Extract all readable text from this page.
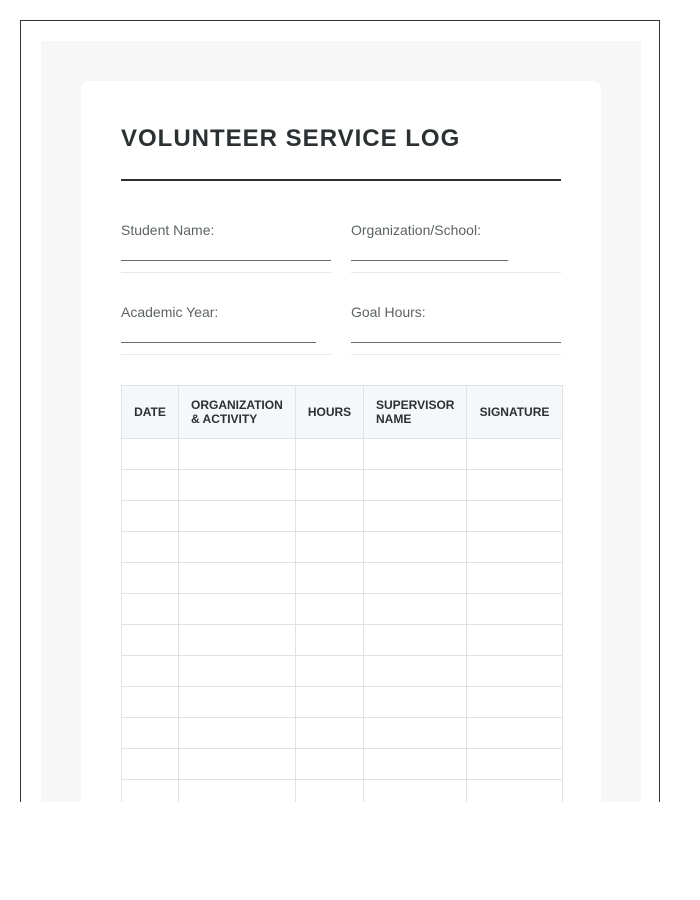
VOLUNTEER SERVICE LOG
Student Name:	Organization/School:
Academic Year:	Goal Hours:
DATE	ORGANIZATION & ACTIVITY	HOURS	SUPERVISOR NAME	SIGNATURE
